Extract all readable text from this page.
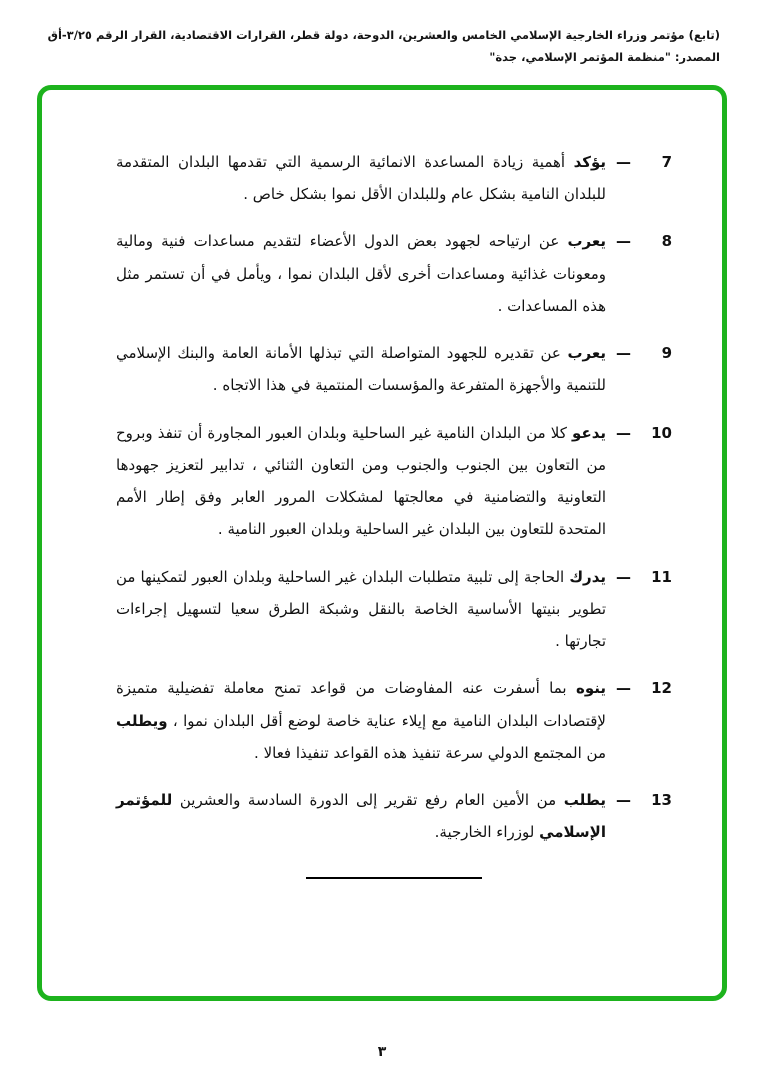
(تابع) مؤتمر وزراء الخارجية الإسلامي الخامس والعشرين، الدوحة، دولة قطر، القرارات الاقتصادية، القرار الرقم ٣/٢٥-أق
المصدر: "منظمة المؤتمر الإسلامي، جدة"
— 7
يؤكد أهمية زيادة المساعدة الانمائية الرسمية التي تقدمها البلدان المتقدمة للبلدان النامية بشكل عام وللبلدان الأقل نموا بشكل خاص .
— 8
يعرب عن ارتياحه لجهود بعض الدول الأعضاء لتقديم مساعدات فنية ومالية ومعونات غذائية ومساعدات أخرى لأقل البلدان نموا ، ويأمل في أن تستمر مثل هذه المساعدات .
— 9
يعرب عن تقديره للجهود المتواصلة التي تبذلها الأمانة العامة والبنك الإسلامي للتنمية والأجهزة المتفرعة والمؤسسات المنتمية في هذا الاتجاه .
— 10
يدعو كلا من البلدان النامية غير الساحلية وبلدان العبور المجاورة أن تنفذ وبروح من التعاون بين الجنوب والجنوب ومن التعاون الثنائي ، تدابير لتعزيز جهودها التعاونية والتضامنية في معالجتها لمشكلات المرور العابر وفق إطار الأمم المتحدة للتعاون بين البلدان غير الساحلية وبلدان العبور النامية .
— 11
يدرك الحاجة إلى تلبية متطلبات البلدان غير الساحلية وبلدان العبور لتمكينها من تطوير بنيتها الأساسية الخاصة بالنقل وشبكة الطرق سعيا لتسهيل إجراءات تجارتها .
— 12
ينوه بما أسفرت عنه المفاوضات من قواعد تمنح معاملة تفضيلية متميزة لإقتصادات البلدان النامية مع إيلاء عناية خاصة لوضع أقل البلدان نموا ، ويطلب من المجتمع الدولي سرعة تنفيذ هذه القواعد تنفيذا فعالا .
— 13
يطلب من الأمين العام رفع تقرير إلى الدورة السادسة والعشرين للمؤتمر الإسلامي لوزراء الخارجية.
٣
